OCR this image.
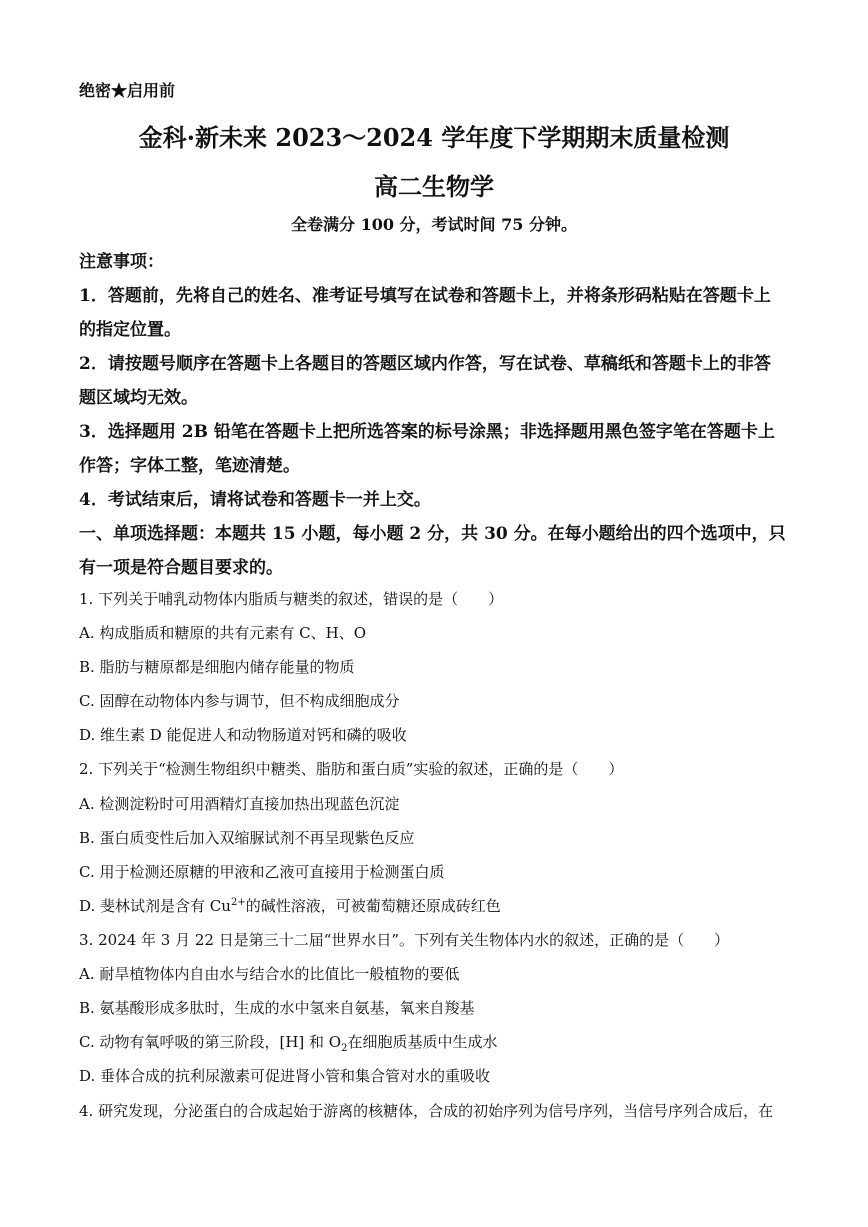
绝密★启用前
金科·新未来 2023～2024 学年度下学期期末质量检测
高二生物学
全卷满分 100 分，考试时间 75 分钟。
注意事项：
1．答题前，先将自己的姓名、准考证号填写在试卷和答题卡上，并将条形码粘贴在答题卡上
的指定位置。
2．请按题号顺序在答题卡上各题目的答题区域内作答，写在试卷、草稿纸和答题卡上的非答
题区域均无效。
3．选择题用 2B 铅笔在答题卡上把所选答案的标号涂黑；非选择题用黑色签字笔在答题卡上
作答；字体工整，笔迹清楚。
4．考试结束后，请将试卷和答题卡一并上交。
一、单项选择题：本题共 15 小题，每小题 2 分，共 30 分。在每小题给出的四个选项中，只
有一项是符合题目要求的。
1. 下列关于哺乳动物体内脂质与糖类的叙述，错误的是（　　）
A. 构成脂质和糖原的共有元素有 C、H、O
B. 脂肪与糖原都是细胞内储存能量的物质
C. 固醇在动物体内参与调节，但不构成细胞成分
D. 维生素 D 能促进人和动物肠道对钙和磷的吸收
2. 下列关于“检测生物组织中糖类、脂肪和蛋白质”实验的叙述，正确的是（　　）
A. 检测淀粉时可用酒精灯直接加热出现蓝色沉淀
B. 蛋白质变性后加入双缩脲试剂不再呈现紫色反应
C. 用于检测还原糖的甲液和乙液可直接用于检测蛋白质
D. 斐林试剂是含有 $Cu^{2+}$的碱性溶液，可被葡萄糖还原成砖红色
3. 2024 年 3 月 22 日是第三十二届“世界水日”。下列有关生物体内水的叙述，正确的是（　　）
A. 耐旱植物体内自由水与结合水的比值比一般植物的要低
B. 氨基酸形成多肽时，生成的水中氢来自氨基，氧来自羧基
C. 动物有氧呼吸的第三阶段，[H] 和 $O_2$在细胞质基质中生成水
D. 垂体合成的抗利尿激素可促进肾小管和集合管对水的重吸收
4. 研究发现，分泌蛋白的合成起始于游离的核糖体，合成的初始序列为信号序列，当信号序列合成后，在
